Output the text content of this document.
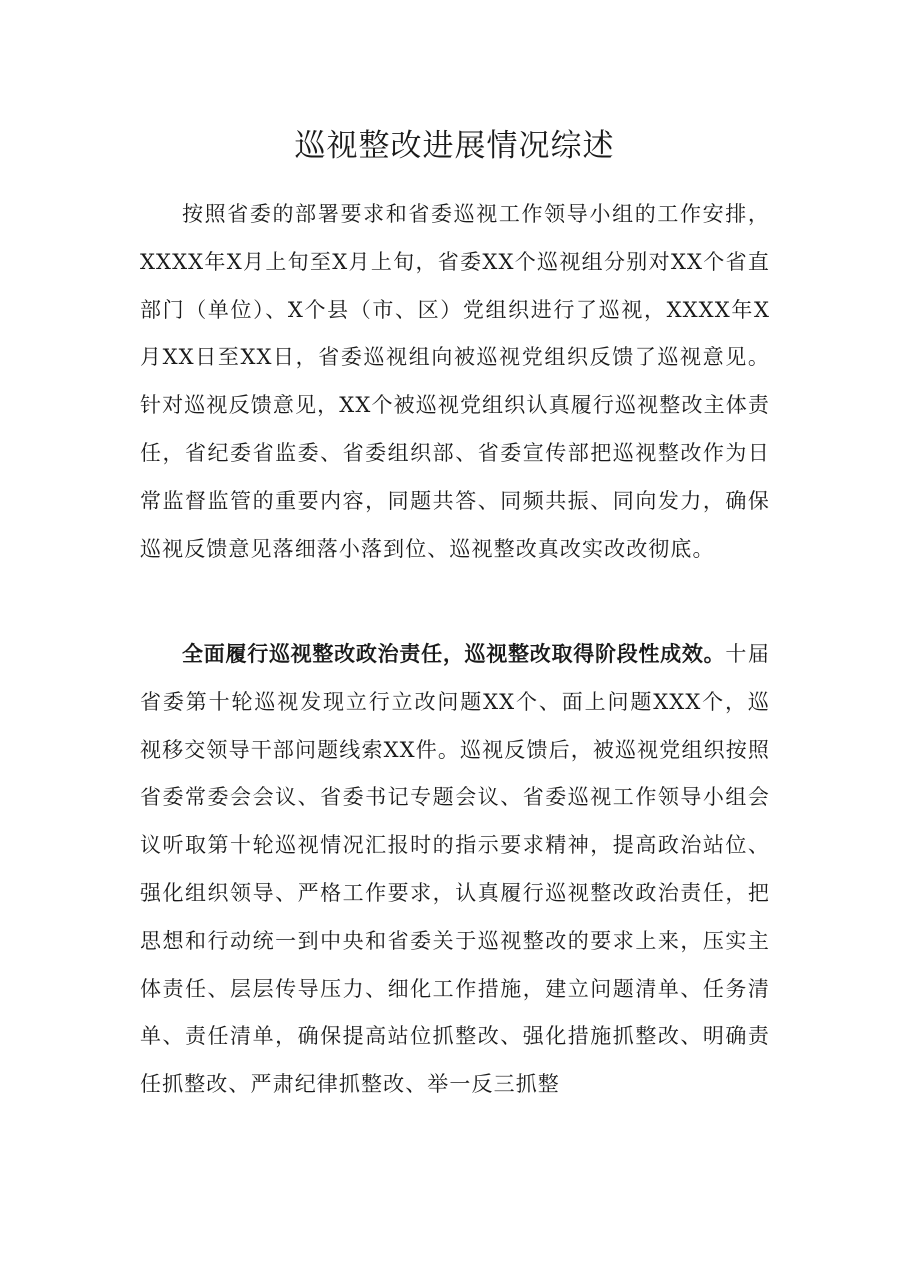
巡视整改进展情况综述

按照省委的部署要求和省委巡视工作领导小组的工作安排，XXXX年X月上旬至X月上旬，省委XX个巡视组分别对XX个省直部门（单位）、X个县（市、区）党组织进行了巡视，XXXX年X月XX日至XX日，省委巡视组向被巡视党组织反馈了巡视意见。针对巡视反馈意见，XX个被巡视党组织认真履行巡视整改主体责任，省纪委省监委、省委组织部、省委宣传部把巡视整改作为日常监督监管的重要内容，同题共答、同频共振、同向发力，确保巡视反馈意见落细落小落到位、巡视整改真改实改改彻底。

全面履行巡视整改政治责任，巡视整改取得阶段性成效。十届省委第十轮巡视发现立行立改问题XX个、面上问题XXX个，巡视移交领导干部问题线索XX件。巡视反馈后，被巡视党组织按照省委常委会会议、省委书记专题会议、省委巡视工作领导小组会议听取第十轮巡视情况汇报时的指示要求精神，提高政治站位、强化组织领导、严格工作要求，认真履行巡视整改政治责任，把思想和行动统一到中央和省委关于巡视整改的要求上来，压实主体责任、层层传导压力、细化工作措施，建立问题清单、任务清单、责任清单，确保提高站位抓整改、强化措施抓整改、明确责任抓整改、严肃纪律抓整改、举一反三抓整
